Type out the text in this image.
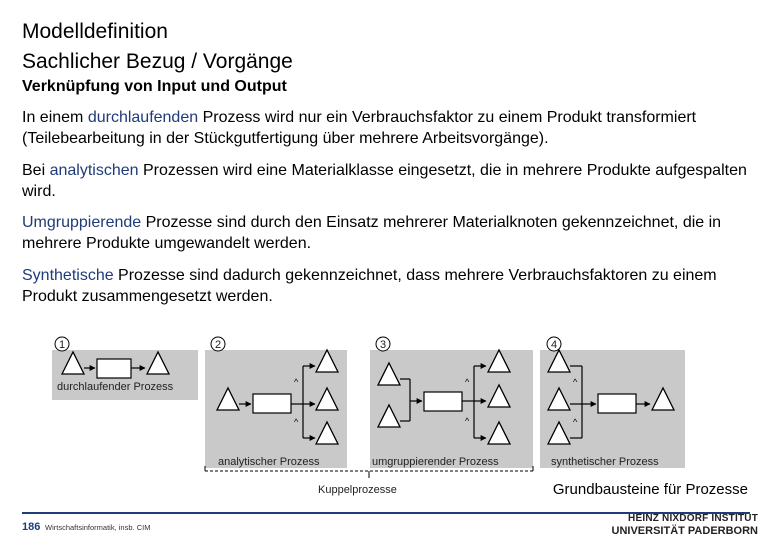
Modelldefinition
Sachlicher Bezug / Vorgänge
Verknüpfung von Input und Output
In einem durchlaufenden Prozess wird nur ein Verbrauchsfaktor zu einem Produkt transformiert (Teilebearbeitung in der Stückgutfertigung über mehrere Arbeitsvorgänge).
Bei analytischen Prozessen wird eine Materialklasse eingesetzt, die in mehrere Produkte aufgespalten wird.
Umgruppierende Prozesse sind durch den Einsatz mehrerer Materialknoten gekennzeichnet, die in mehrere Produkte umgewandelt werden.
Synthetische Prozesse sind dadurch gekennzeichnet, dass mehrere Verbrauchsfaktoren zu einem Produkt zusammengesetzt werden.
1	2	3	4
^
^
^
^
^
^
durchlaufender Prozess
analytischer Prozess	umgruppierender Prozess	synthetischer Prozess
Kuppelprozesse	Grundbausteine für Prozesse
186 Wirtschaftsinformatik, insb. CIM
HEINZ NIXDORF INSTITUT
UNIVERSITÄT PADERBORN
